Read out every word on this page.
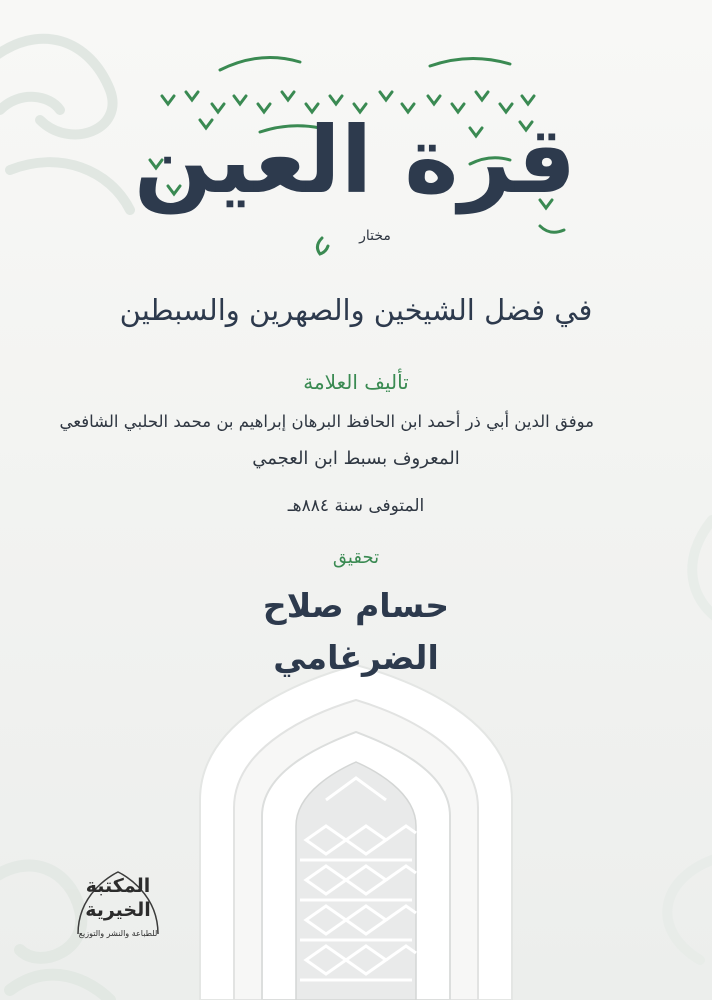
قرة العين
مختار
في فضل الشيخين والصهرين والسبطين
تأليف العلامة
موفق الدين أبي ذر أحمد ابن الحافظ البرهان إبراهيم بن محمد الحلبي الشافعي
المعروف بسبط ابن العجمي
المتوفى سنة ٨٨٤هـ
تحقيق
حسام صلاح الضرغامي
المكتبة الخيرية
للطباعة والنشر والتوزيع
